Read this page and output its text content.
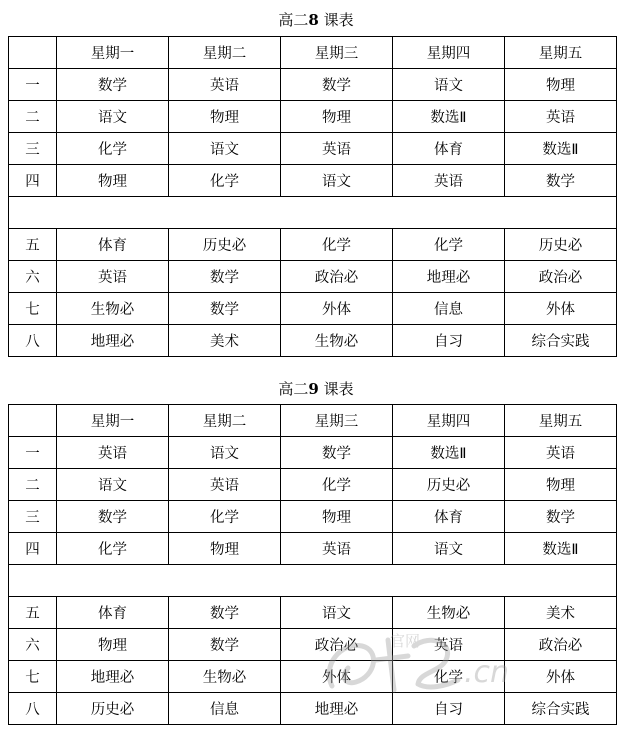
高二8 课表
	星期一	星期二	星期三	星期四	星期五
一	数学	英语	数学	语文	物理
二	语文	物理	物理	数选Ⅱ	英语
三	化学	语文	英语	体育	数选Ⅱ
四	物理	化学	语文	英语	数学

五	体育	历史必	化学	化学	历史必
六	英语	数学	政治必	地理必	政治必
七	生物必	数学	外体	信息	外体
八	地理必	美术	生物必	自习	综合实践
高二9 课表
	星期一	星期二	星期三	星期四	星期五
一	英语	语文	数学	数选Ⅱ	英语
二	语文	英语	化学	历史必	物理
三	数学	化学	物理	体育	数学
四	化学	物理	英语	语文	数选Ⅱ

五	体育	数学	语文	生物必	美术
六	物理	数学	政治必	英语	政治必
七	地理必	生物必	外体	化学	外体
八	历史必	信息	地理必	自习	综合实践
官网
.cn
